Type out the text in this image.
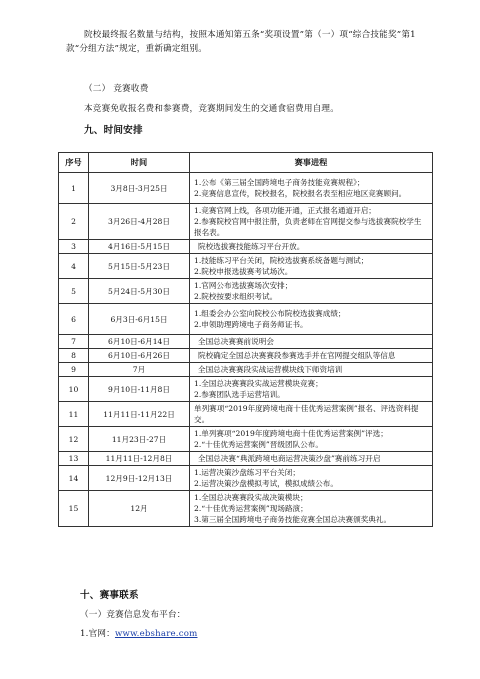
院校最终报名数量与结构，按照本通知第五条“奖项设置”第（一）项“综合技能奖”第1款“分组方法”规定，重新确定组别。

（二） 竞赛收费

本竞赛免收报名费和参赛费，竞赛期间发生的交通食宿费用自理。

九、时间安排

序号	时间	赛事进程
1	3月8日-3月25日	1.公布《第三届全国跨境电子商务技能竞赛规程》；
2.竞赛信息宣传，院校报名，院校报名表至相应地区竞赛顾问。

2	3月26日-4月28日	1.竞赛官网上线，各项功能开通，正式报名通道开启；
2.参赛院校官网中报注册，负责老师在官网提交参与选拔赛院校学生报名表。

3	4月16日-5月15日	院校选拔赛技能练习平台开放。

4	5月15日-5月23日	1.技能练习平台关闭，院校选拔赛系统备题与测试；
2.院校申报选拔赛考试场次。

5	5月24日-5月30日	1.官网公布选拔赛场次安排；
2.院校按要求组织考试。

6	6月3日-6月15日	1.组委会办公室向院校公布院校选拔赛成绩；
2.申领助理跨境电子商务师证书。

7	6月10日-6月14日	全国总决赛赛前说明会

8	6月10日-6月26日	院校确定全国总决赛赛段参赛选手并在官网提交组队等信息

9	7月	全国总决赛赛段实战运营模块线下师资培训

10	9月10日-11月8日	1.全国总决赛赛段实战运营模块竞赛；
2.参赛团队选手运营培训。

11	11月11日-11月22日	单列赛项“2019年度跨境电商十佳优秀运营案例”报名、评选资料提交。

12	11月23日-27日	1.单列赛项“2019年度跨境电商十佳优秀运营案例”评选；
2.“十佳优秀运营案例”晋级团队公布。

13	11月11日-12月8日	全国总决赛“典派跨境电商运营决策沙盘”赛前练习开启

14	12月9日-12月13日	1.运营决策沙盘练习平台关闭；
2.运营决策沙盘模拟考试，模拟成绩公布。

15	12月	1.全国总决赛赛段实战决策模块；
2.“十佳优秀运营案例”现场路演；
3.第三届全国跨境电子商务技能竞赛全国总决赛颁奖典礼。

十、赛事联系

（一）竞赛信息发布平台：

1.官网：www.ebshare.com
